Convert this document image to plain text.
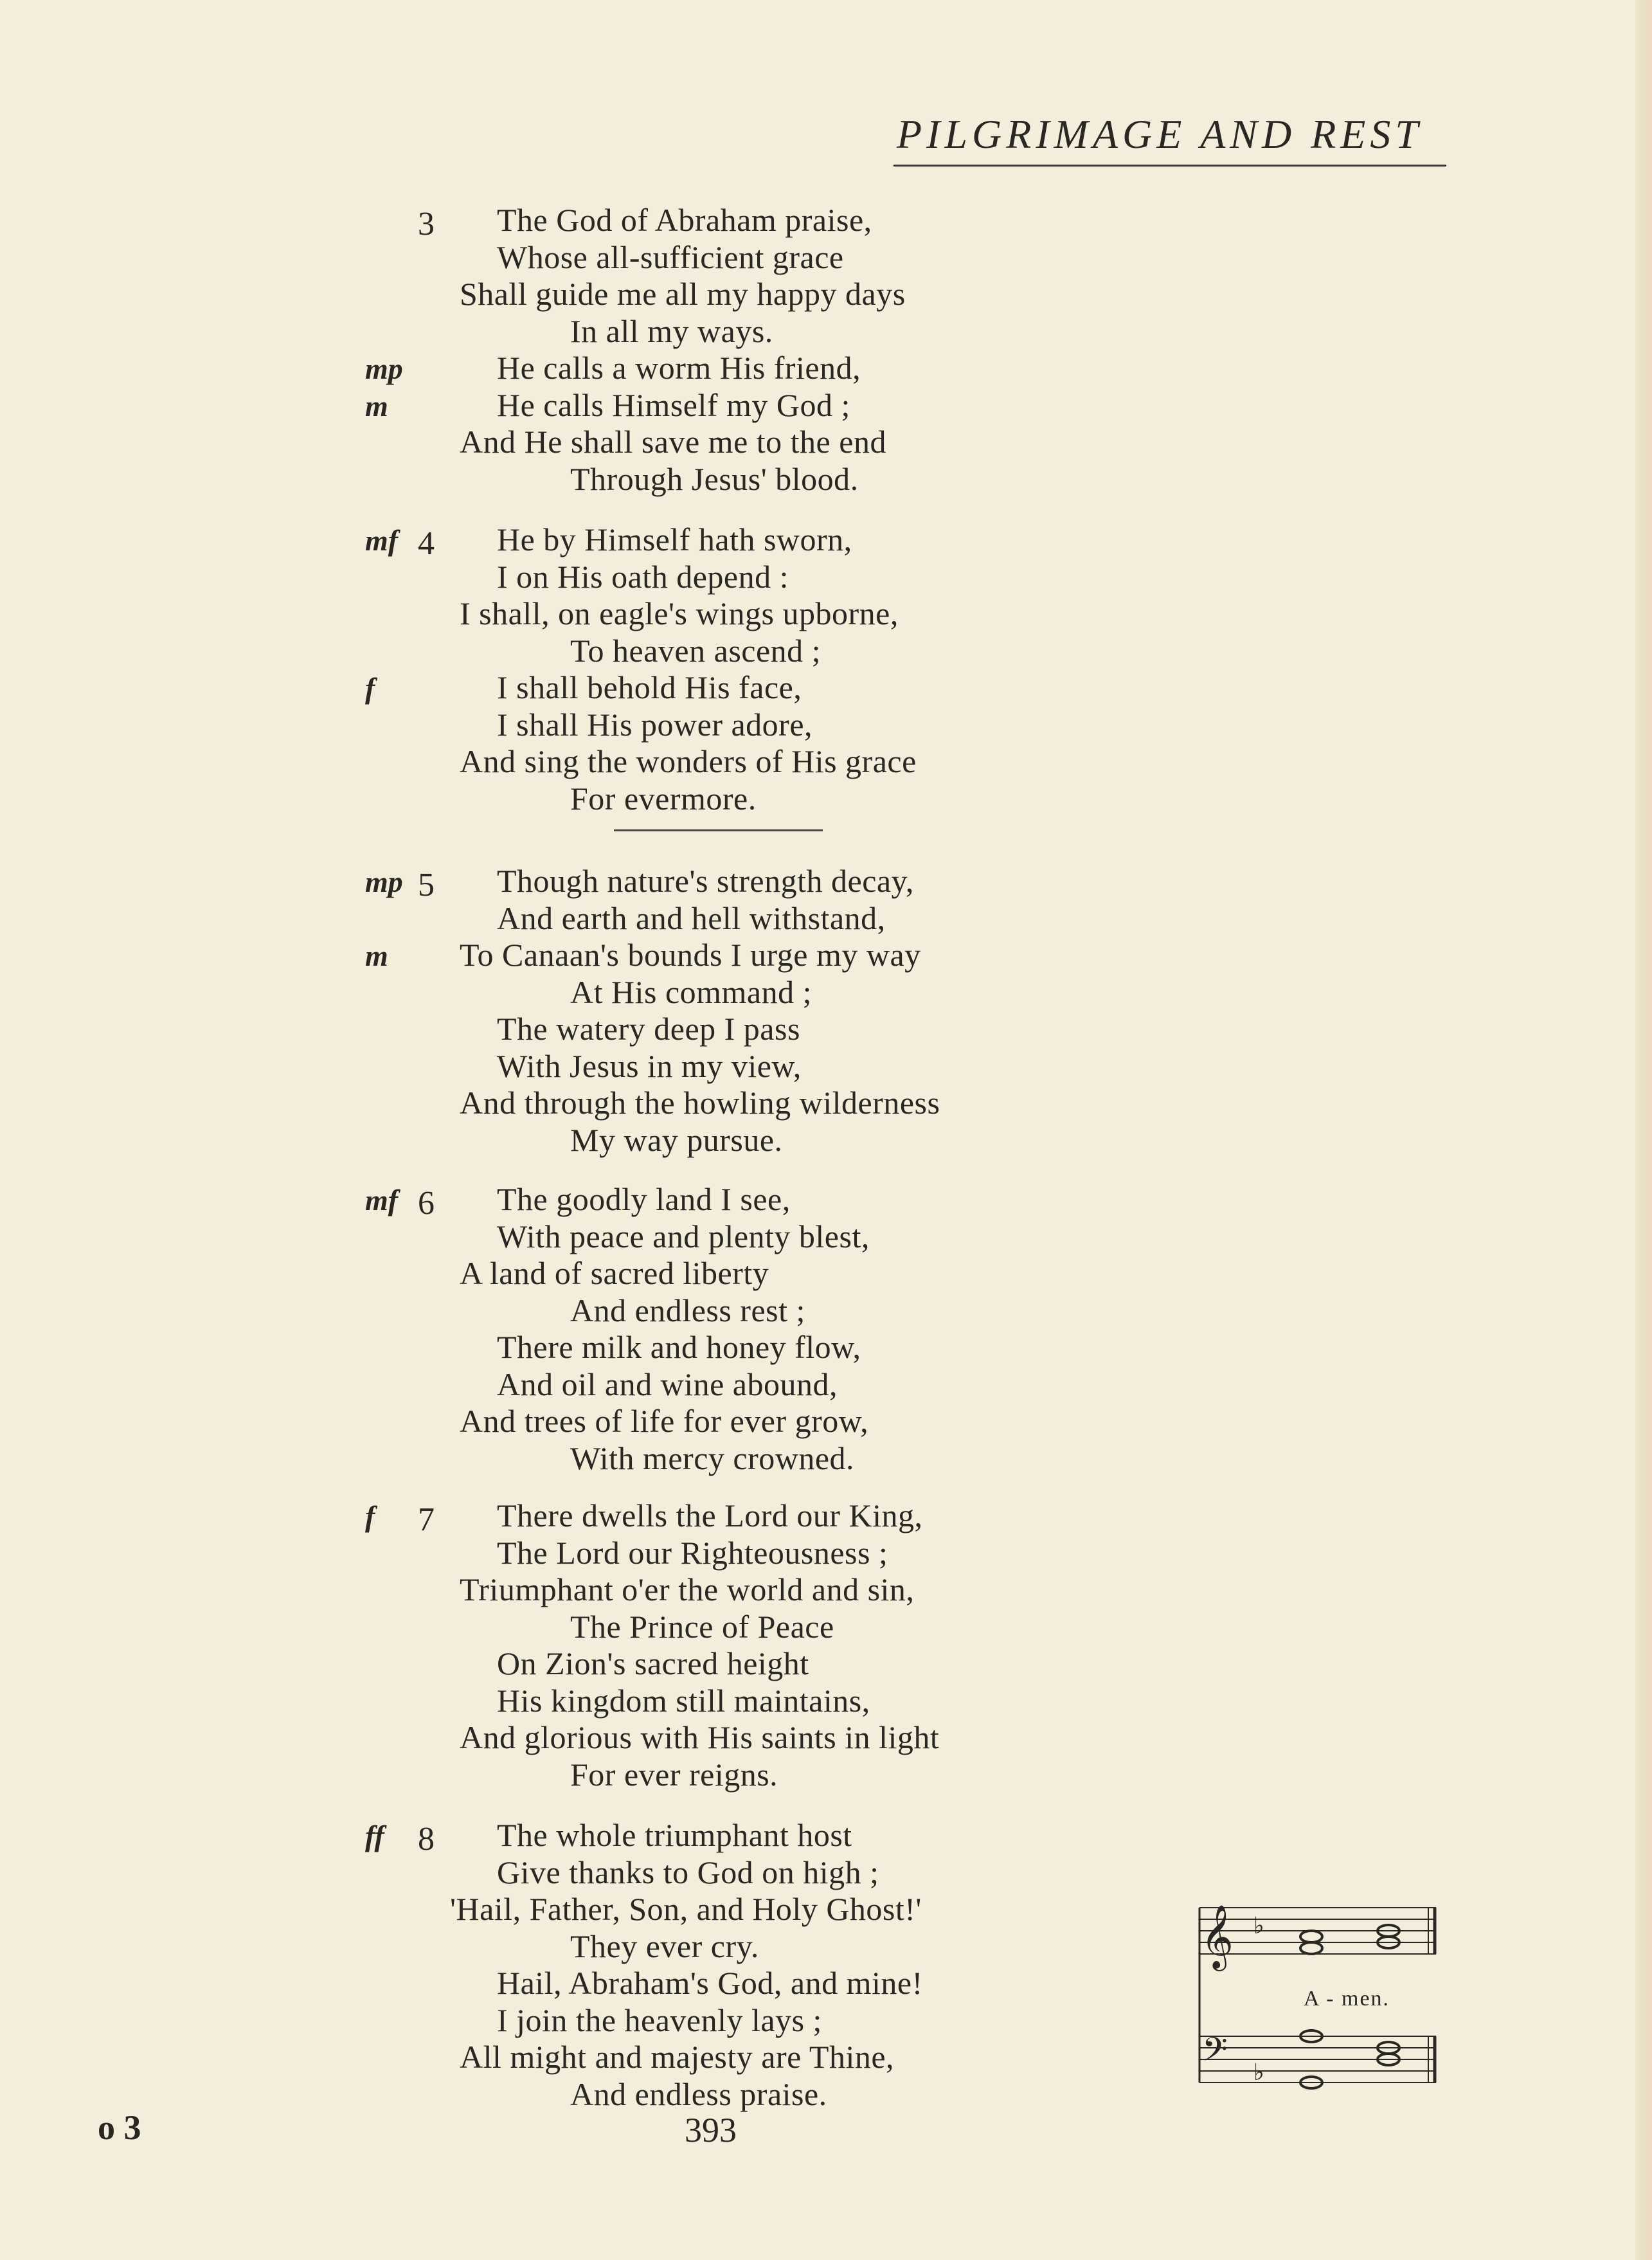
PILGRIMAGE AND REST
3 The God of Abraham praise,
Whose all-sufficient grace
Shall guide me all my happy days
In all my ways.
He calls a worm His friend,
mp
He calls Himself my God ;
m
And He shall save me to the end
Through Jesus' blood.
4 He by Himself hath sworn,
mf
I on His oath depend :
I shall, on eagle's wings upborne,
To heaven ascend ;
I shall behold His face,
f
I shall His power adore,
And sing the wonders of His grace
For evermore.
5 Though nature's strength decay,
mp
And earth and hell withstand,
To Canaan's bounds I urge my way
m
At His command ;
The watery deep I pass
With Jesus in my view,
And through the howling wilderness
My way pursue.
6 The goodly land I see,
mf
With peace and plenty blest,
A land of sacred liberty
And endless rest ;
There milk and honey flow,
And oil and wine abound,
And trees of life for ever grow,
With mercy crowned.
7 There dwells the Lord our King,
f
The Lord our Righteousness ;
Triumphant o'er the world and sin,
The Prince of Peace
On Zion's sacred height
His kingdom still maintains,
And glorious with His saints in light
For ever reigns.
8 The whole triumphant host
ff
Give thanks to God on high ;
'Hail, Father, Son, and Holy Ghost!'
They ever cry.
Hail, Abraham's God, and mine!
I join the heavenly lays ;
All might and majesty are Thine,
And endless praise.
𝄞
𝄢
♭
♭
A - men.
393
o 3
